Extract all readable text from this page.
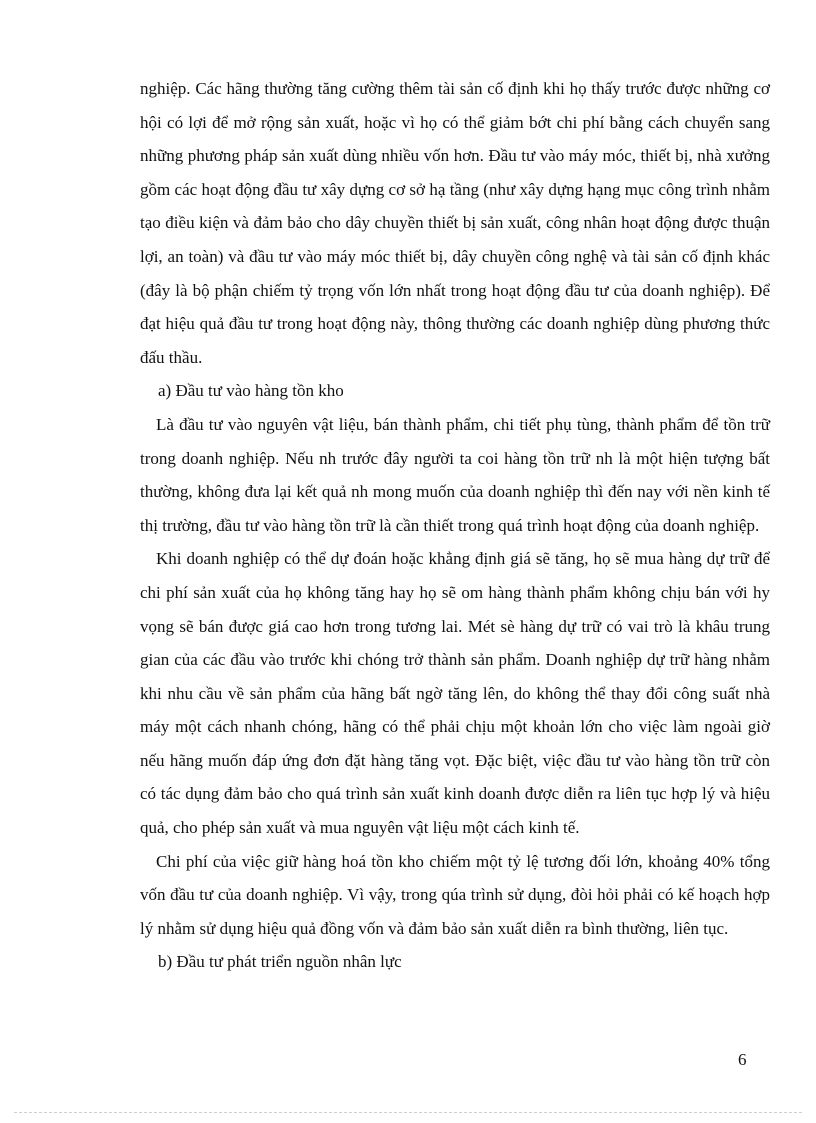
nghiệp. Các hãng thường tăng cường thêm tài sản cố định khi họ thấy trước được những cơ hội có lợi để mở rộng sản xuất, hoặc vì họ có thể giảm bớt chi phí bằng cách chuyển sang những phương pháp sản xuất dùng nhiều vốn hơn. Đầu tư vào máy móc, thiết bị, nhà xưởng gồm các hoạt động đầu tư xây dựng cơ sở hạ tầng (như xây dựng hạng mục công trình nhằm tạo điều kiện và đảm bảo cho dây chuyền thiết bị sản xuất, công nhân hoạt động được thuận lợi, an toàn) và đầu tư vào máy móc thiết bị, dây chuyền công nghệ và tài sản cố định khác (đây là bộ phận chiếm tỷ trọng vốn lớn nhất trong hoạt động đầu tư của doanh nghiệp). Để đạt hiệu quả đầu tư trong hoạt động này, thông thường các doanh nghiệp dùng phương thức đấu thầu.

a) Đầu tư vào hàng tồn kho

Là đầu tư vào nguyên vật liệu, bán thành phẩm, chi tiết phụ tùng, thành phẩm để tồn trữ trong doanh nghiệp. Nếu nh trước đây người ta coi hàng tồn trữ nh là một hiện tượng bất thường, không đưa lại kết quả nh mong muốn của doanh nghiệp thì đến nay với nền kinh tế thị trường, đầu tư vào hàng tồn trữ là cần thiết trong quá trình hoạt động của doanh nghiệp.

Khi doanh nghiệp có thể dự đoán hoặc khẳng định giá sẽ tăng, họ sẽ mua hàng dự trữ để chi phí sản xuất của họ không tăng hay họ sẽ om hàng thành phẩm không chịu bán với hy vọng sẽ bán được giá cao hơn trong tương lai. Mét sè hàng dự trữ có vai trò là khâu trung gian của các đầu vào trước khi chóng trở thành sản phẩm. Doanh nghiệp dự trữ hàng nhằm khi nhu cầu về sản phẩm của hãng bất ngờ tăng lên, do không thể thay đổi công suất nhà máy một cách nhanh chóng, hãng có thể phải chịu một khoản lớn cho việc làm ngoài giờ nếu hãng muốn đáp ứng đơn đặt hàng tăng vọt. Đặc biệt, việc đầu tư vào hàng tồn trữ còn có tác dụng đảm bảo cho quá trình sản xuất kinh doanh được diễn ra liên tục hợp lý và hiệu quả, cho phép sản xuất và mua nguyên vật liệu một cách kinh tế.

Chi phí của việc giữ hàng hoá tồn kho chiếm một tỷ lệ tương đối lớn, khoảng 40% tổng vốn đầu tư của doanh nghiệp. Vì vậy, trong qúa trình sử dụng, đòi hỏi phải có kế hoạch hợp lý nhằm sử dụng hiệu quả đồng vốn và đảm bảo sản xuất diễn ra bình thường, liên tục.

b) Đầu tư phát triển nguồn nhân lực

6
